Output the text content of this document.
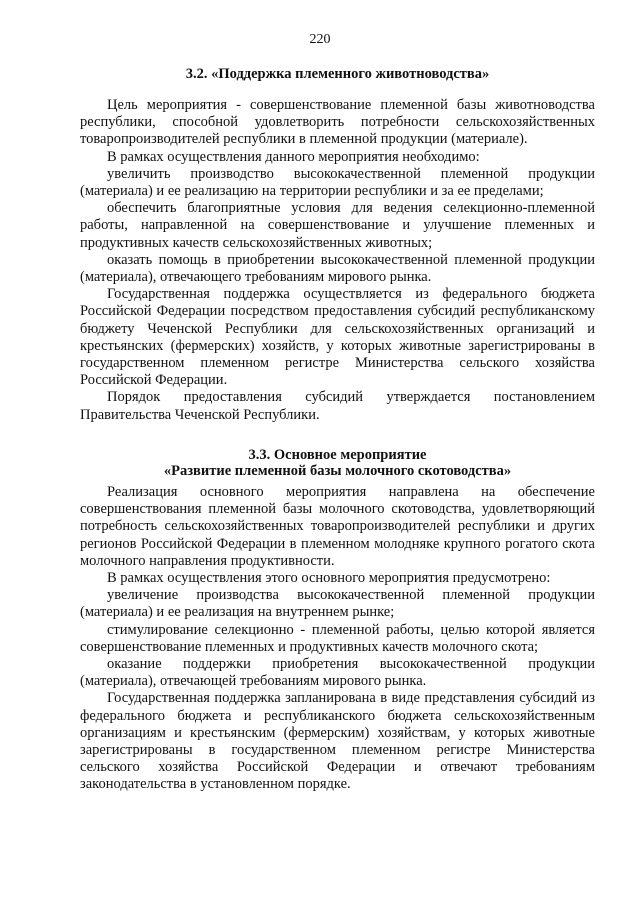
220
3.2. «Поддержка племенного животноводства»

Цель мероприятия - совершенствование племенной базы животноводства республики, способной удовлетворить потребности сельскохозяйственных товаропроизводителей республики в племенной продукции (материале).

В рамках осуществления данного мероприятия необходимо:

увеличить производство высококачественной племенной продукции (материала) и ее реализацию на территории республики и за ее пределами;

обеспечить благоприятные условия для ведения селекционно-племенной работы, направленной на совершенствование и улучшение племенных и продуктивных качеств сельскохозяйственных животных;

оказать помощь в приобретении высококачественной племенной продукции (материала), отвечающего требованиям мирового рынка.

Государственная поддержка осуществляется из федерального бюджета Российской Федерации посредством предоставления субсидий республиканскому бюджету Чеченской Республики для сельскохозяйственных организаций и крестьянских (фермерских) хозяйств, у которых животные зарегистрированы в государственном племенном регистре Министерства сельского хозяйства Российской Федерации.

Порядок предоставления субсидий утверждается постановлением Правительства Чеченской Республики.

3.3. Основное мероприятие
«Развитие племенной базы молочного скотоводства»

Реализация основного мероприятия направлена на обеспечение совершенствования племенной базы молочного скотоводства, удовлетворяющий потребность сельскохозяйственных товаропроизводителей республики и других регионов Российской Федерации в племенном молодняке крупного рогатого скота молочного направления продуктивности.

В рамках осуществления этого основного мероприятия предусмотрено:

увеличение производства высококачественной племенной продукции (материала) и ее реализация на внутреннем рынке;

стимулирование селекционно - племенной работы, целью которой является совершенствование племенных и продуктивных качеств молочного скота;

оказание поддержки приобретения высококачественной продукции (материала), отвечающей требованиям мирового рынка.

Государственная поддержка запланирована в виде представления субсидий из федерального бюджета и республиканского бюджета сельскохозяйственным организациям и крестьянским (фермерским) хозяйствам, у которых животные зарегистрированы в государственном племенном регистре Министерства сельского хозяйства Российской Федерации и отвечают требованиям законодательства в установленном порядке.
